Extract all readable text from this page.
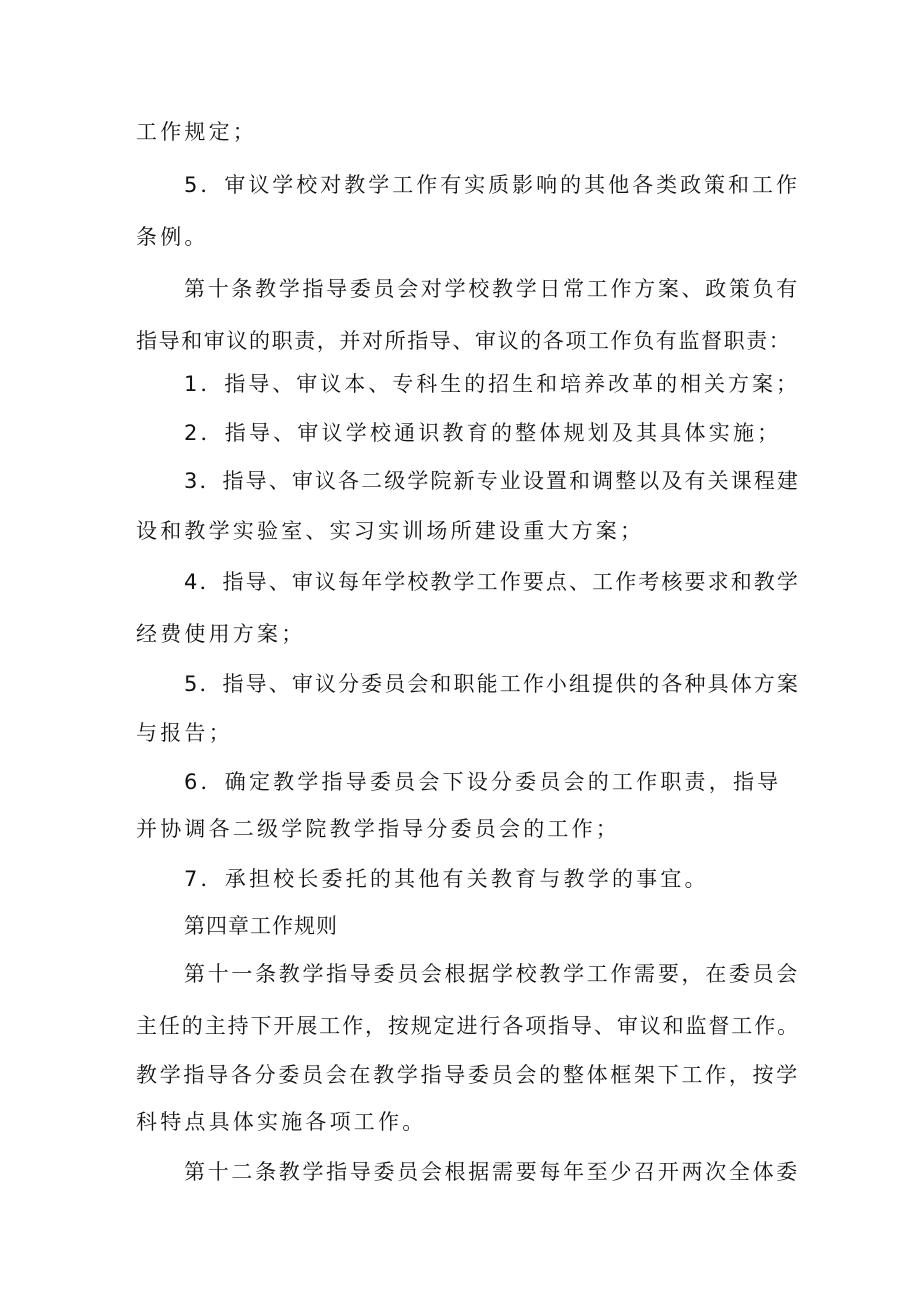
工作规定；
5．审议学校对教学工作有实质影响的其他各类政策和工作
条例。
第十条教学指导委员会对学校教学日常工作方案、政策负有
指导和审议的职责，并对所指导、审议的各项工作负有监督职责：
1．指导、审议本、专科生的招生和培养改革的相关方案；
2．指导、审议学校通识教育的整体规划及其具体实施；
3．指导、审议各二级学院新专业设置和调整以及有关课程建
设和教学实验室、实习实训场所建设重大方案；
4．指导、审议每年学校教学工作要点、工作考核要求和教学
经费使用方案；
5．指导、审议分委员会和职能工作小组提供的各种具体方案
与报告；
6．确定教学指导委员会下设分委员会的工作职责，指导
并协调各二级学院教学指导分委员会的工作；
7．承担校长委托的其他有关教育与教学的事宜。
第四章工作规则
第十一条教学指导委员会根据学校教学工作需要，在委员会
主任的主持下开展工作，按规定进行各项指导、审议和监督工作。
教学指导各分委员会在教学指导委员会的整体框架下工作，按学
科特点具体实施各项工作。
第十二条教学指导委员会根据需要每年至少召开两次全体委
